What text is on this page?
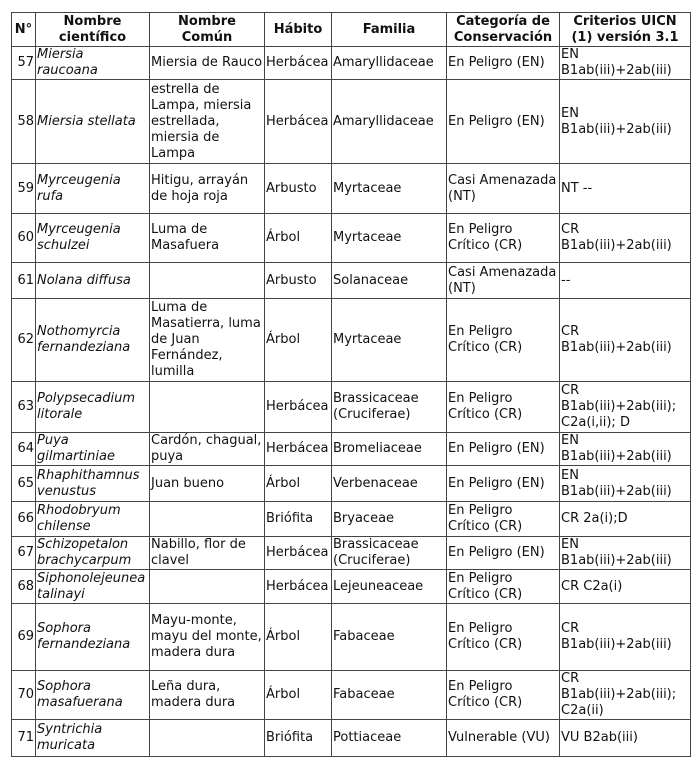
N°	Nombre científico	Nombre Común	Hábito	Familia	Categoría de Conservación	Criterios UICN (1) versión 3.1
57	Miersia raucoana	Miersia de Rauco	Herbácea	Amaryllidaceae	En Peligro (EN)	EN B1ab(iii)+2ab(iii)
58	Miersia stellata	estrella de Lampa, miersia estrellada, miersia de Lampa	Herbácea	Amaryllidaceae	En Peligro (EN)	EN B1ab(iii)+2ab(iii)
59	Myrceugenia rufa	Hitigu, arrayán de hoja roja	Arbusto	Myrtaceae	Casi Amenazada (NT)	NT --
60	Myrceugenia schulzei	Luma de Masafuera	Árbol	Myrtaceae	En Peligro Crítico (CR)	CR B1ab(iii)+2ab(iii)
61	Nolana diffusa		Arbusto	Solanaceae	Casi Amenazada (NT)	--
62	Nothomyrcia fernandeziana	Luma de Masatierra, luma de Juan Fernández, lumilla	Árbol	Myrtaceae	En Peligro Crítico (CR)	CR B1ab(iii)+2ab(iii)
63	Polypsecadium litorale		Herbácea	Brassicaceae (Cruciferae)	En Peligro Crítico (CR)	CR B1ab(iii)+2ab(iii); C2a(i,ii); D
64	Puya gilmartiniae	Cardón, chagual, puya	Herbácea	Bromeliaceae	En Peligro (EN)	EN B1ab(iii)+2ab(iii)
65	Rhaphithamnus venustus	Juan bueno	Árbol	Verbenaceae	En Peligro (EN)	EN B1ab(iii)+2ab(iii)
66	Rhodobryum chilense		Briófita	Bryaceae	En Peligro Crítico (CR)	CR 2a(i);D
67	Schizopetalon brachycarpum	Nabillo, flor de clavel	Herbácea	Brassicaceae (Cruciferae)	En Peligro (EN)	EN B1ab(iii)+2ab(iii)
68	Siphonolejeunea talinayi		Herbácea	Lejeuneaceae	En Peligro Crítico (CR)	CR C2a(i)
69	Sophora fernandeziana	Mayu-monte, mayu del monte, madera dura	Árbol	Fabaceae	En Peligro Crítico (CR)	CR B1ab(iii)+2ab(iii)
70	Sophora masafuerana	Leña dura, madera dura	Árbol	Fabaceae	En Peligro Crítico (CR)	CR B1ab(iii)+2ab(iii); C2a(ii)
71	Syntrichia muricata		Briófita	Pottiaceae	Vulnerable (VU)	VU B2ab(iii)
